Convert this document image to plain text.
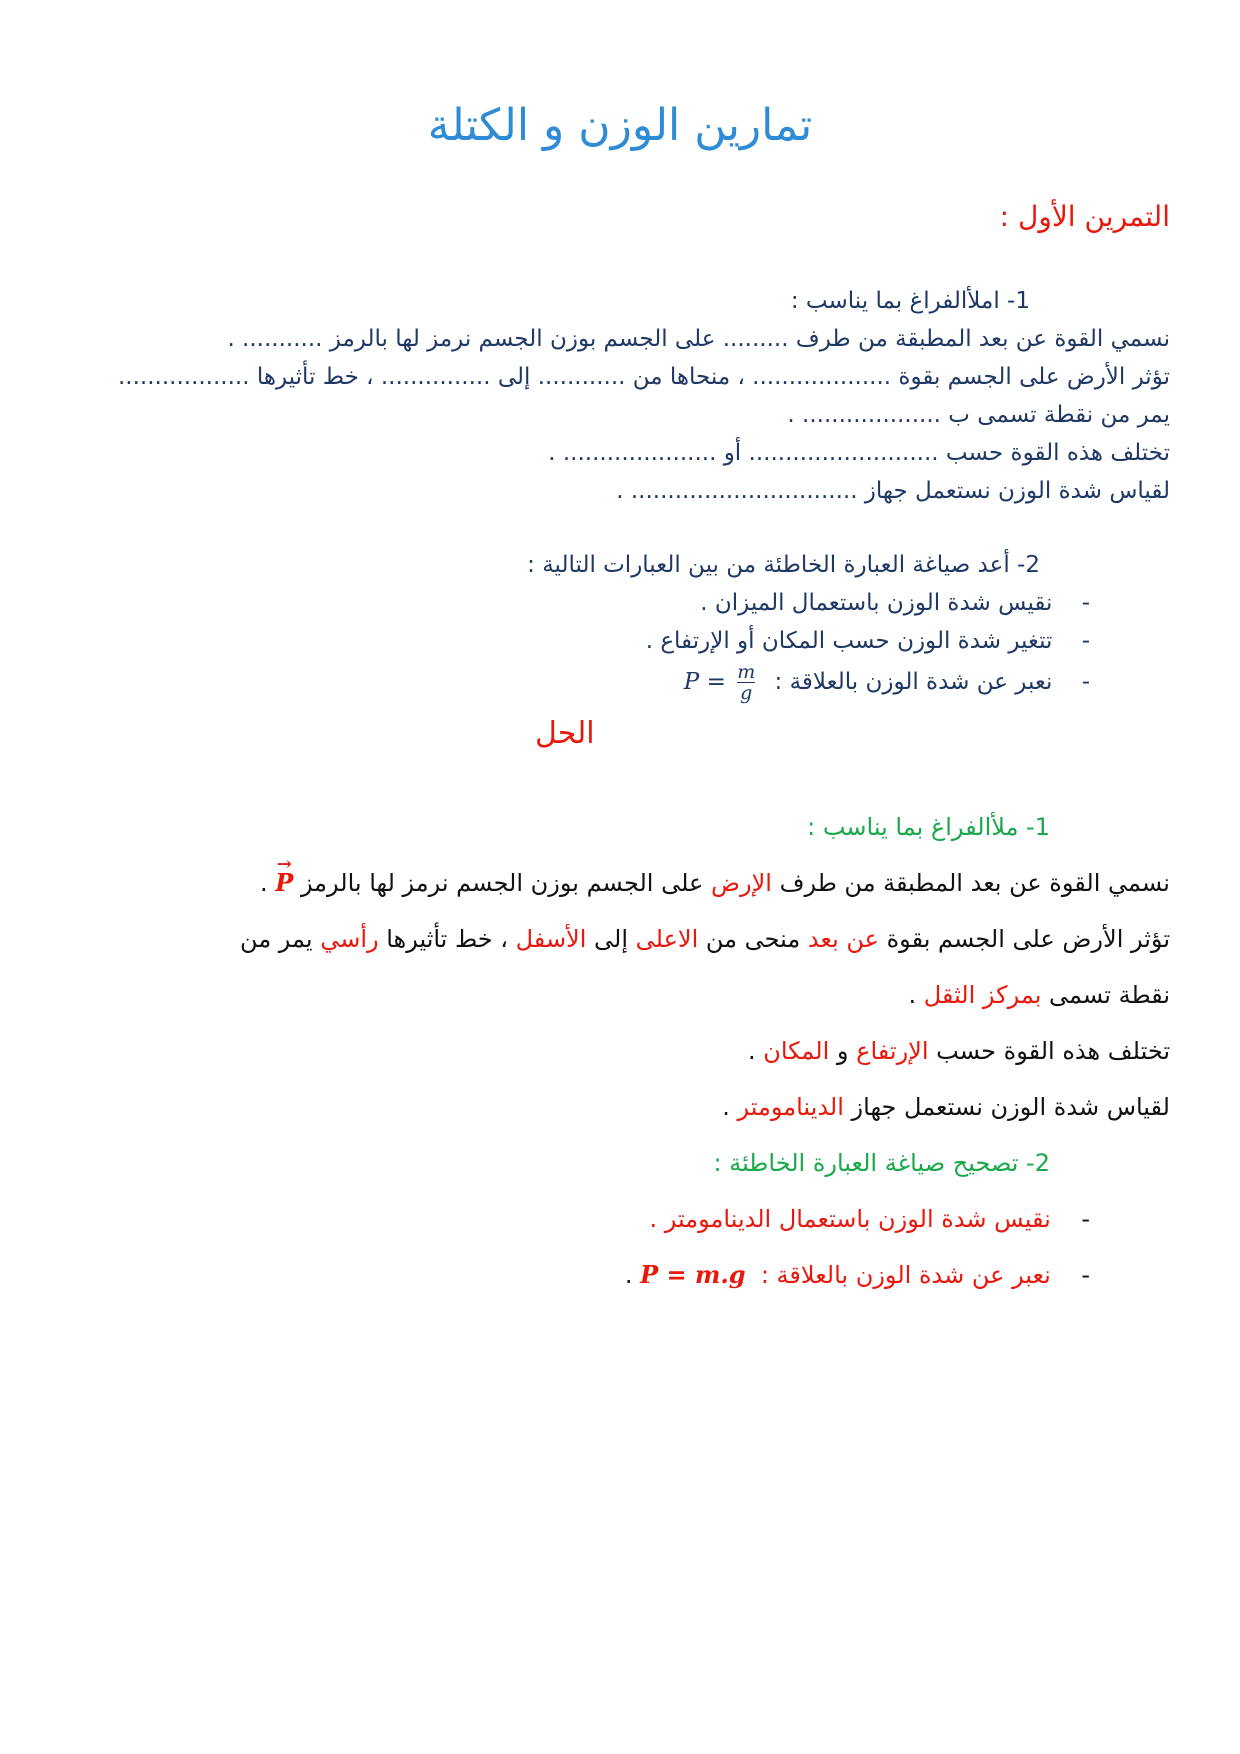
تمارين الوزن و الكتلة
التمرين الأول :
1- املأالفراغ بما يناسب :
نسمي القوة عن بعد المطبقة من طرف ......... على الجسم بوزن الجسم نرمز لها بالرمز ........... .
تؤثر الأرض على الجسم بقوة ................... ، منحاها من ............ إلى ............... ، خط تأثيرها ..................
يمر من نقطة تسمى ب ................... .
تختلف هذه القوة حسب .......................... أو ..................... .
لقياس شدة الوزن نستعمل جهاز ............................... .
2- أعد صياغة العبارة الخاطئة من بين العبارات التالية :
-    نقيس شدة الوزن باستعمال الميزان .
-    تتغير شدة الوزن حسب المكان أو الإرتفاع .
-    نعبر عن شدة الوزن بالعلاقة : $P = \frac{m}{g}$
الحل
1- ملأالفراغ بما يناسب :
نسمي القوة عن بعد المطبقة من طرف الإرض على الجسم بوزن الجسم نرمز لها بالرمز → P .
تؤثر الأرض على الجسم بقوة عن بعد منحى من الاعلى إلى الأسفل ، خط تأثيرها رأسي يمر من
نقطة تسمى بمركز الثقل .
تختلف هذه القوة حسب الإرتفاع و المكان .
لقياس شدة الوزن نستعمل جهاز الدينامومتر .
2- تصحيح صياغة العبارة الخاطئة :
-    نقيس شدة الوزن باستعمال الدينامومتر .
-    نعبر عن شدة الوزن بالعلاقة :  P = m.g .
